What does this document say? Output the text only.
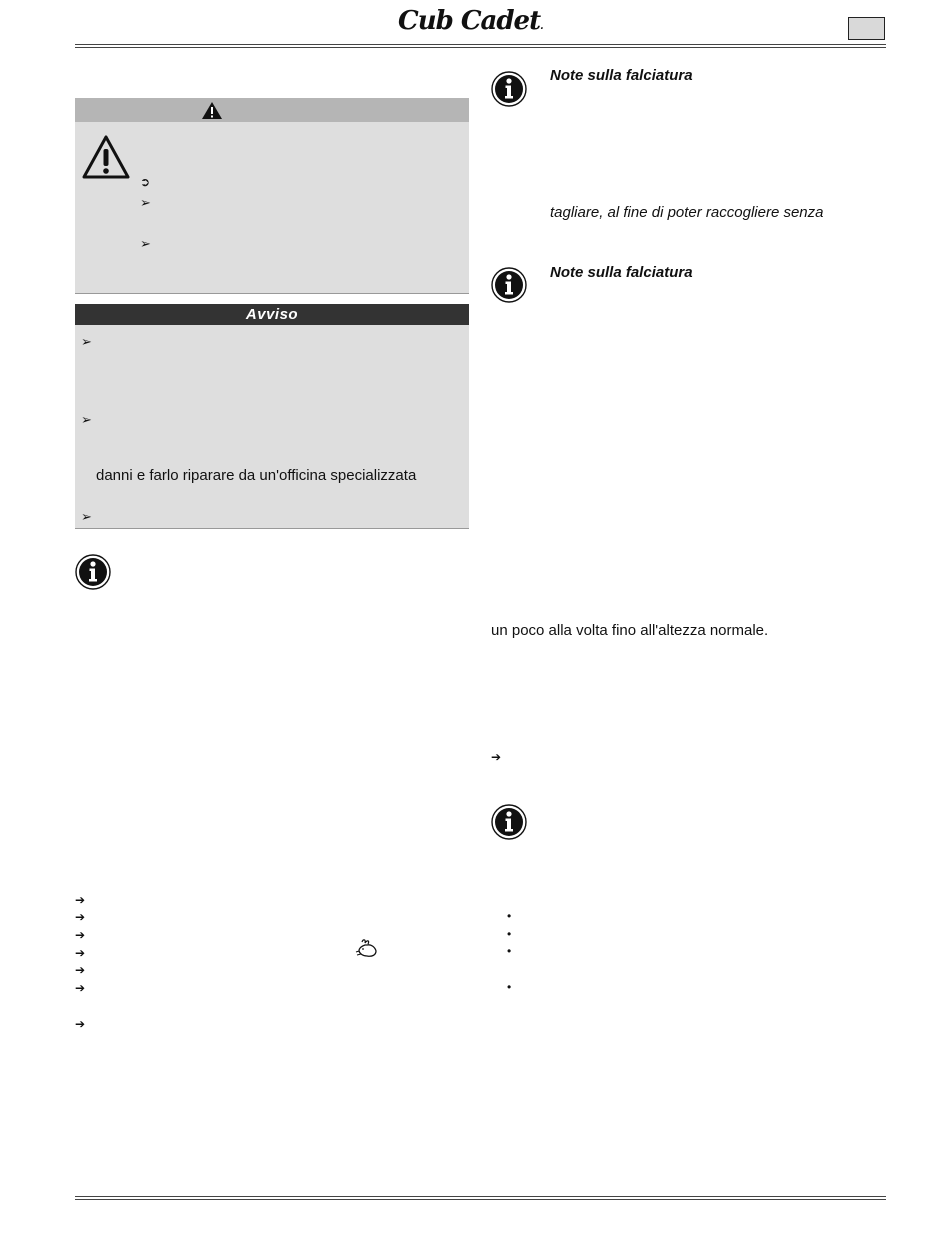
Cub Cadet.
➲
➢
➢
Avviso
➢
➢
danni e farlo riparare da un'officina specializzata
➢
➔
➔
➔
➔
➔
➔
➔
Note sulla falciatura
tagliare, al fine di poter raccogliere senza
Note sulla falciatura
un poco alla volta fino all'altezza normale.
➔
•
•
•
•
